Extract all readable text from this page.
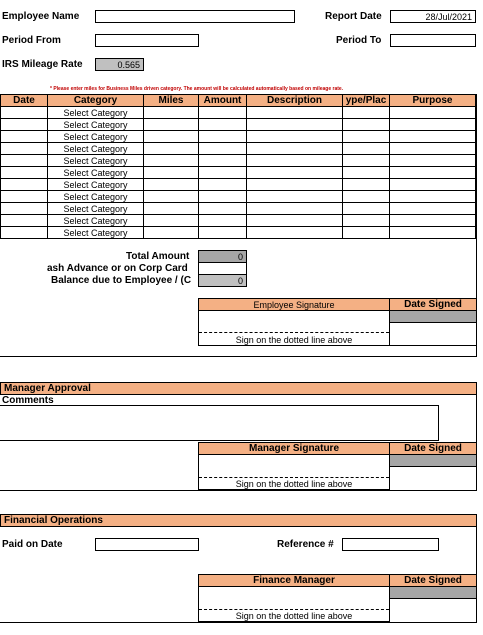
Employee Name	Report Date	28/Jul/2021
Period From	Period To
IRS Mileage Rate	0.565
* Please enter miles for Business Miles driven category. The amount will be calculated automatically based on mileage rate.
Date	Category	Miles	Amount	Description	ype/Plac	Purpose
	Select Category					
	Select Category					
	Select Category					
	Select Category					
	Select Category					
	Select Category					
	Select Category					
	Select Category					
	Select Category					
	Select Category					
	Select Category					
Total Amount	0
ash Advance or on Corp Card
Balance due to Employee / (C	0
Employee Signature	Date Signed
Sign on the dotted line above
Manager Approval
Comments
Manager Signature	Date Signed
Sign on the dotted line above
Financial Operations
Paid on Date	Reference #
Finance Manager	Date Signed
Sign on the dotted line above
